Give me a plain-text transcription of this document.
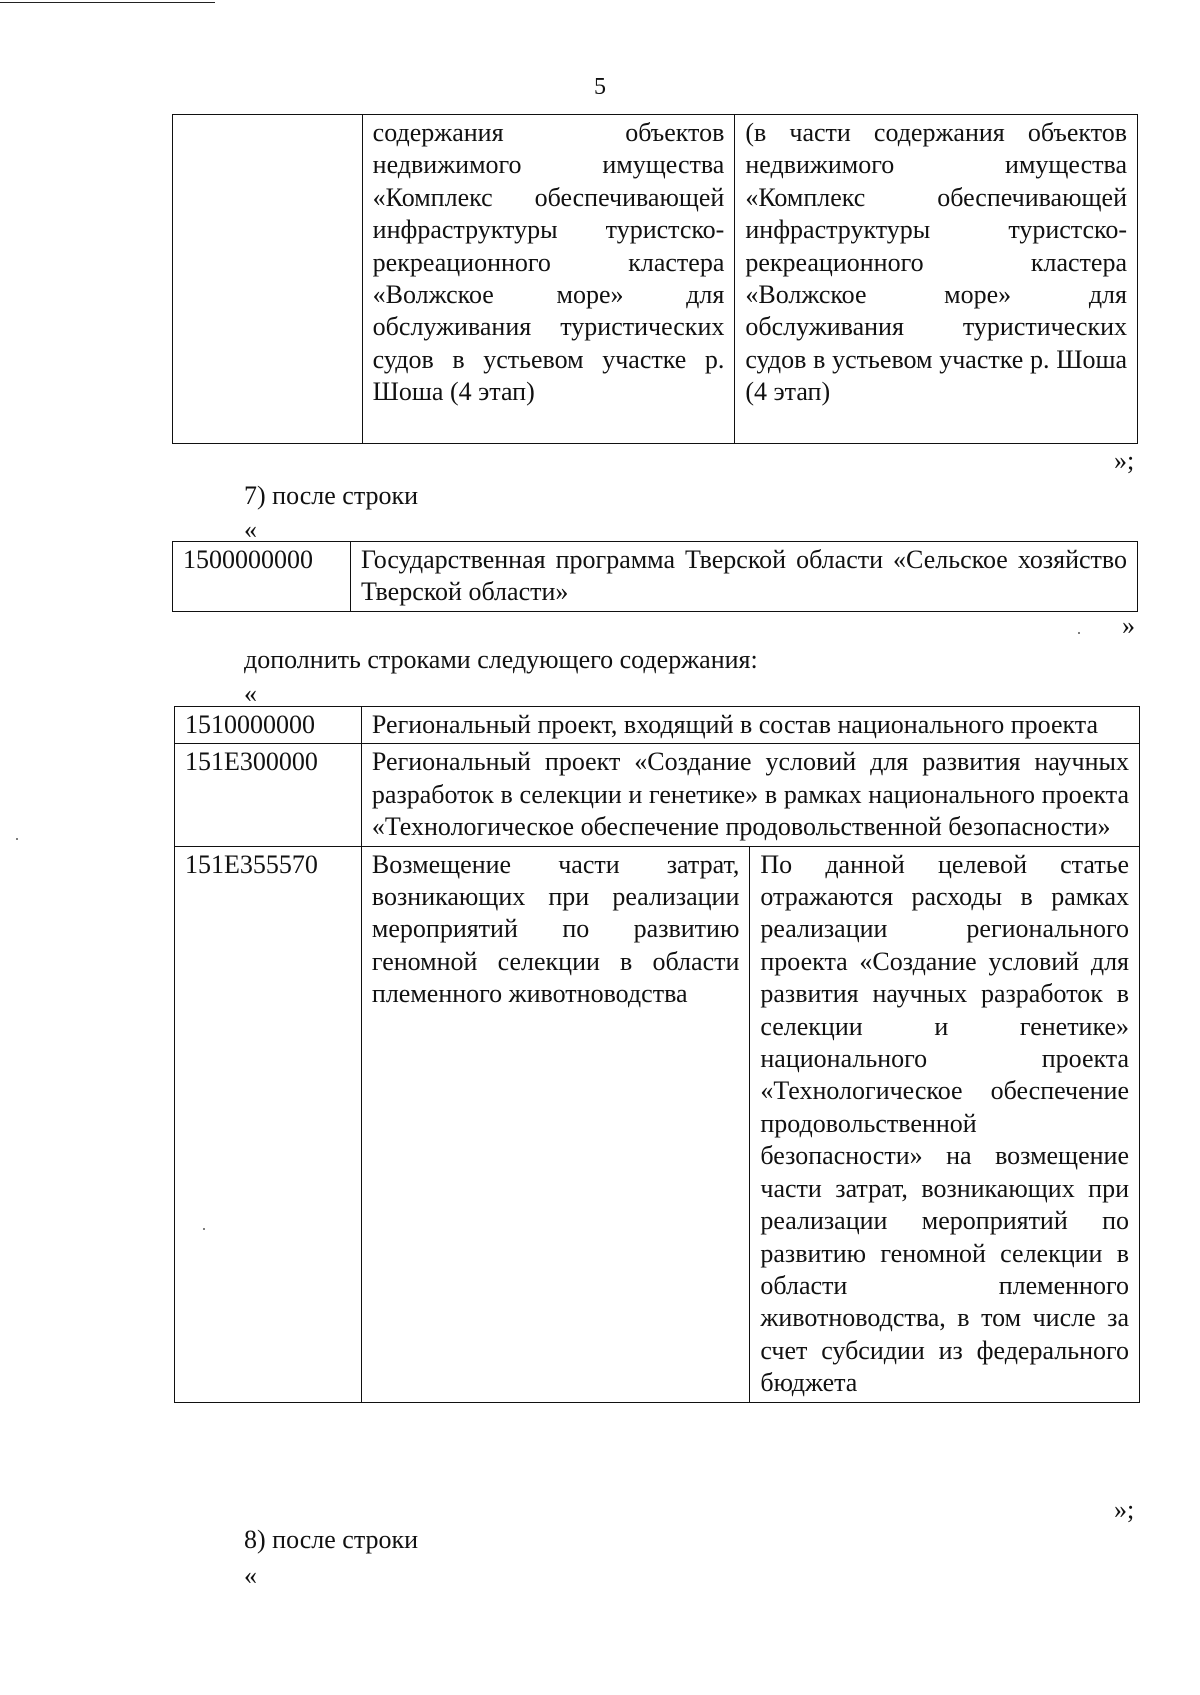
5
	содержания объектов недвижимого имущества «Комплекс обеспечивающей инфраструктуры туристско-рекреационного кластера «Волжское море» для обслуживания туристических судов в устьевом участке р. Шоша (4 этап)	(в части содержания объектов недвижимого имущества «Комплекс обеспечивающей инфраструктуры туристско-рекреационного кластера «Волжское море» для обслуживания туристических судов в устьевом участке р. Шоша (4 этап)
»;
7) после строки
«
1500000000	Государственная программа Тверской области «Сельское хозяйство Тверской области»
»
дополнить строками следующего содержания:
«
1510000000	Региональный проект, входящий в состав национального проекта	
151Е300000	Региональный проект «Создание условий для развития научных разработок в селекции и генетике» в рамках национального проекта «Технологическое обеспечение продовольственной безопасности»	
151Е355570	Возмещение части затрат, возникающих при реализации мероприятий по развитию геномной селекции в области племенного животноводства	По данной целевой статье отражаются расходы в рамках реализации регионального проекта «Создание условий для развития научных разработок в селекции и генетике» национального проекта «Технологическое обеспечение продовольственной безопасности» на возмещение части затрат, возникающих при реализации мероприятий по развитию геномной селекции в области племенного животноводства, в том числе за счет субсидии из федерального бюджета
»;
8) после строки
«
